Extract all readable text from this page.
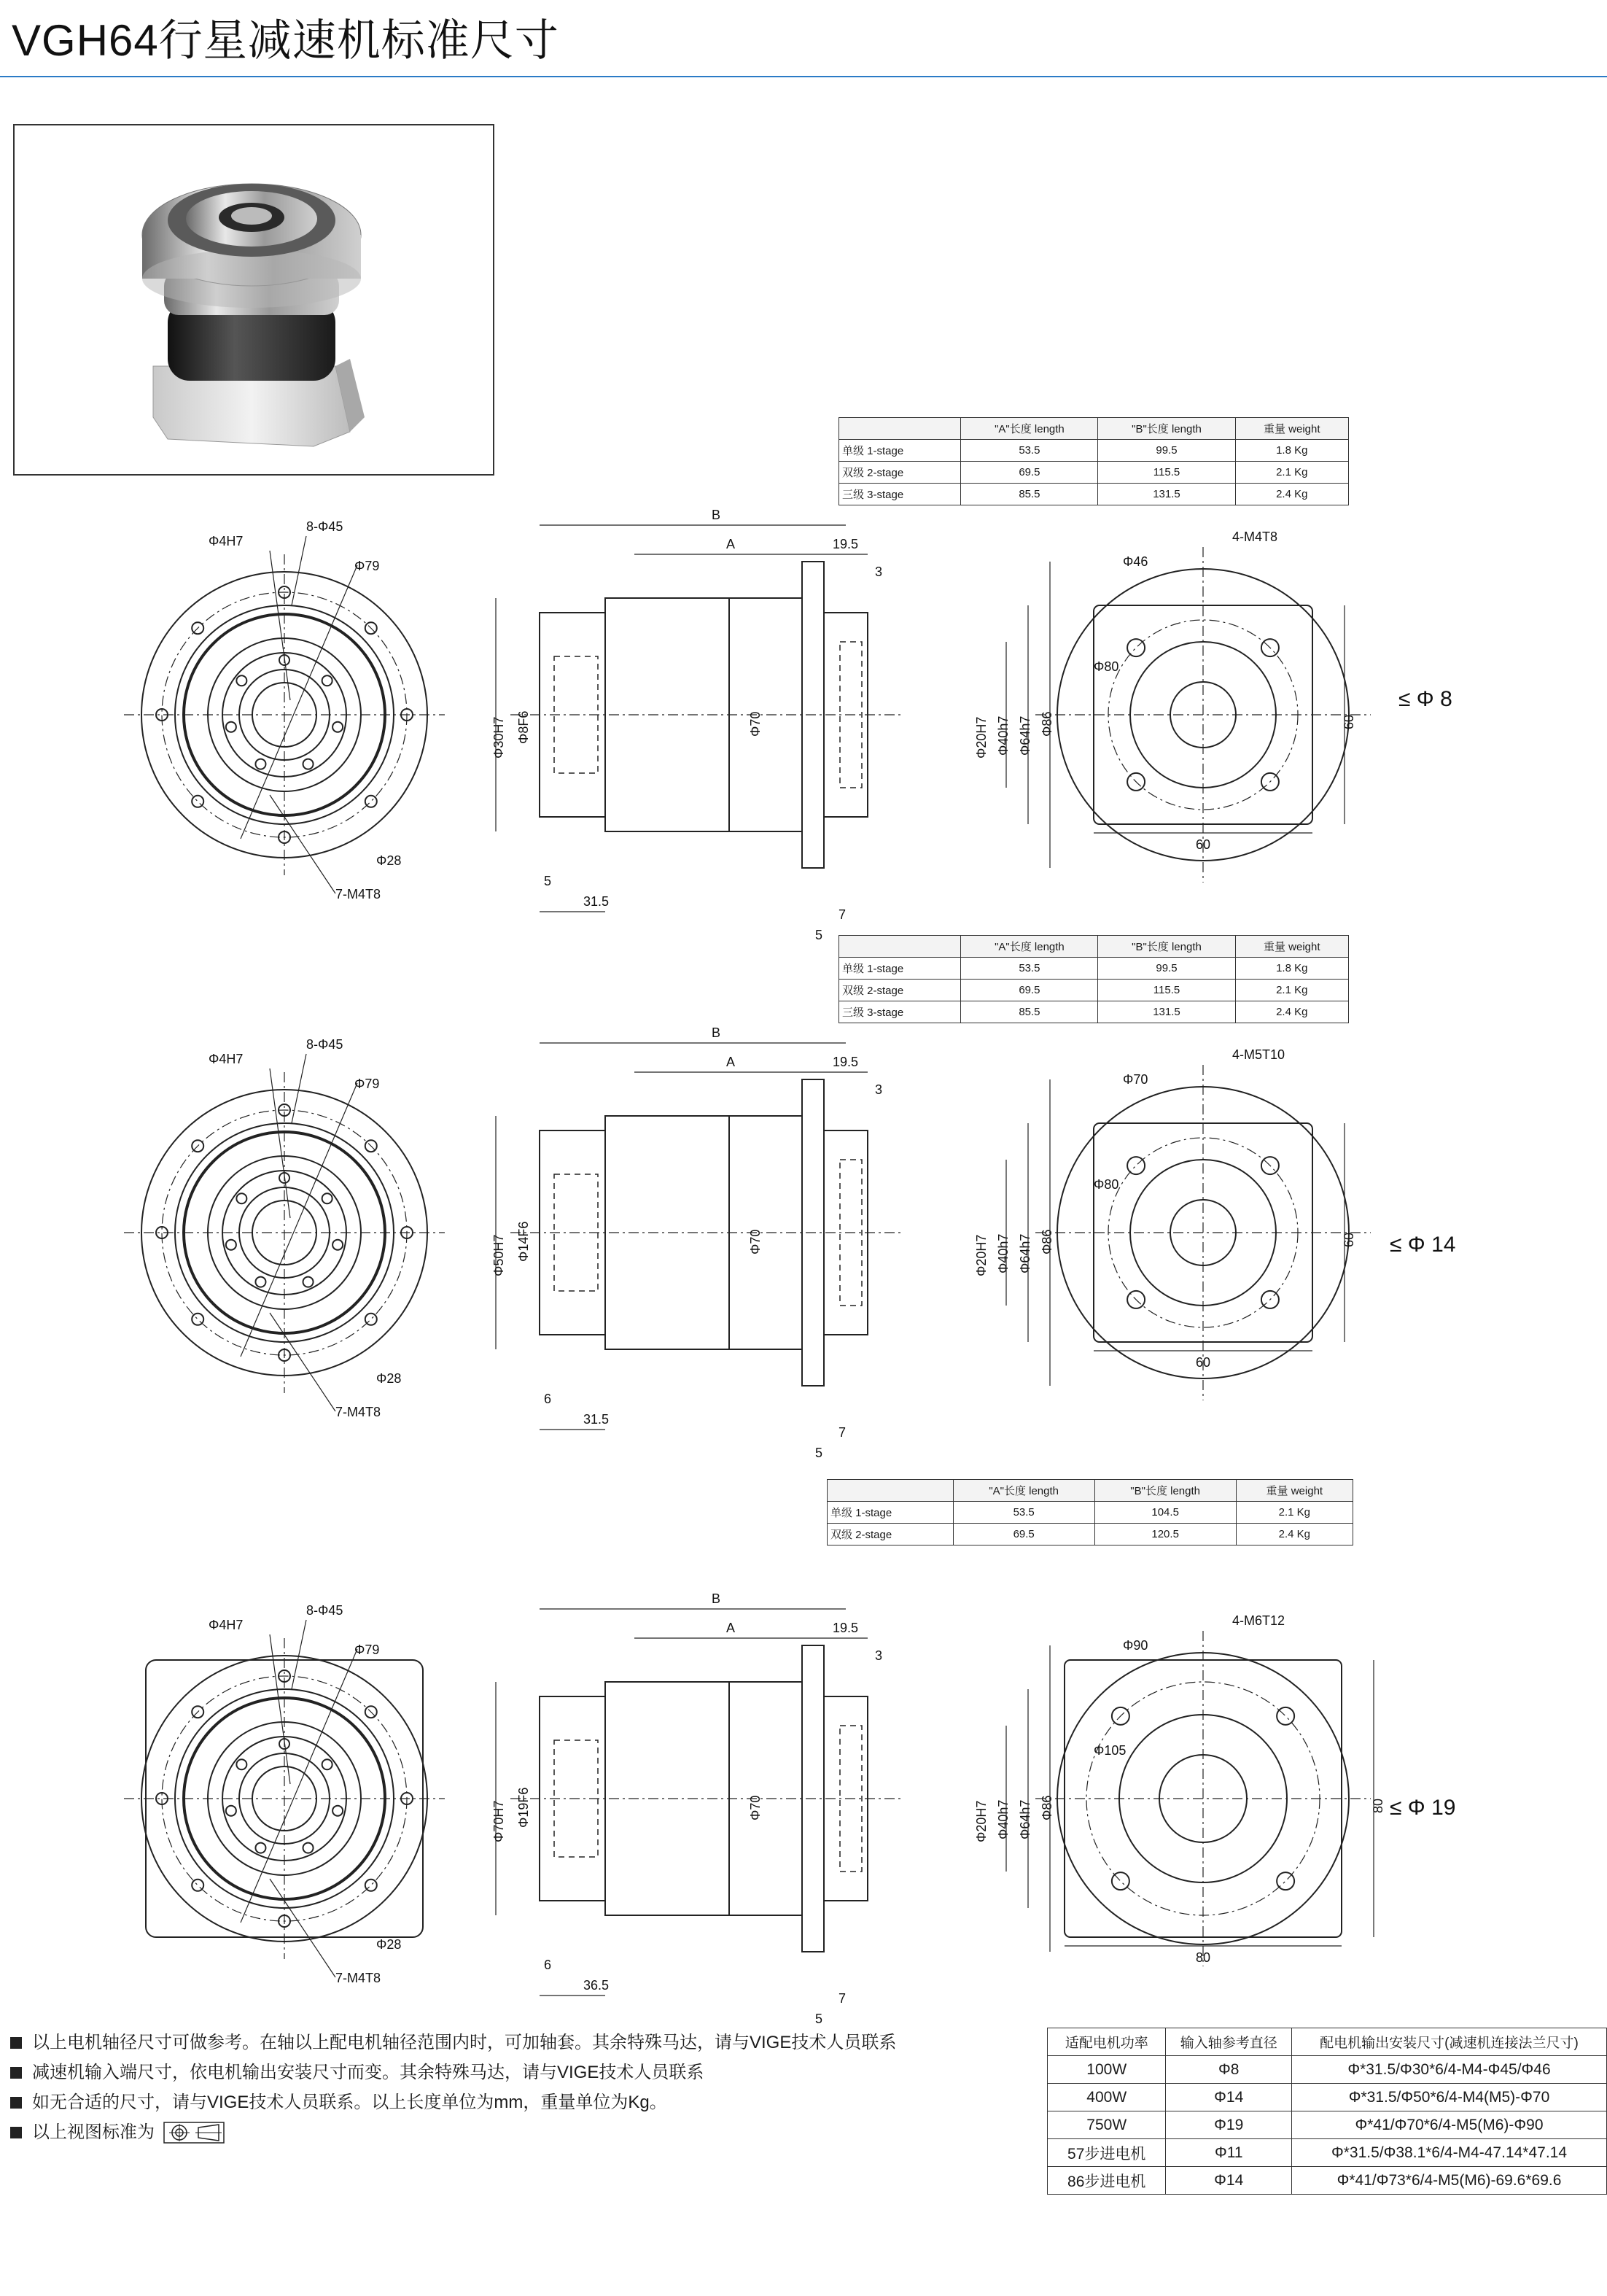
VGH64行星减速机标准尺寸
	"A"长度 length	"B"长度 length	重量 weight
单级 1-stage	53.5	99.5	1.8 Kg
双级 2-stage	69.5	115.5	2.1 Kg
三级 3-stage	85.5	131.5	2.4 Kg
	"A"长度 length	"B"长度 length	重量 weight
单级 1-stage	53.5	99.5	1.8 Kg
双级 2-stage	69.5	115.5	2.1 Kg
三级 3-stage	85.5	131.5	2.4 Kg
	"A"长度 length	"B"长度 length	重量 weight
单级 1-stage	53.5	104.5	2.1 Kg
双级 2-stage	69.5	120.5	2.4 Kg
Φ4H7
8-Φ45
Φ79
Φ28
7-M4T8
B
A	19.5
3
Φ30H7 Φ8F6	Φ70	Φ20H7 Φ40h7 Φ64h7 Φ86
5
31.5
7
5
Φ46
4-M4T8
Φ80
60
60
Φ4H7
8-Φ45
Φ79
Φ28
7-M4T8
B
A	19.5
3
Φ50H7 Φ14F6	Φ70	Φ20H7 Φ40h7 Φ64h7 Φ86
6
31.5
7
5
Φ70
4-M5T10
Φ80
60
60
Φ4H7
8-Φ45
Φ79
Φ28
7-M4T8
B
A	19.5
3
Φ70H7 Φ19F6	Φ70	Φ20H7 Φ40h7 Φ64h7 Φ86
6
36.5
7
5
Φ90
4-M6T12
Φ105
80
80
≤ Φ 8
≤ Φ 14
≤ Φ 19
以上电机轴径尺寸可做参考。在轴以上配电机轴径范围内时，可加轴套。其余特殊马达，请与VIGE技术人员联系
减速机输入端尺寸，依电机输出安装尺寸而变。其余特殊马达，请与VIGE技术人员联系
如无合适的尺寸，请与VIGE技术人员联系。以上长度单位为mm，重量单位为Kg。
以上视图标准为
适配电机功率	输入轴参考直径	配电机输出安装尺寸(减速机连接法兰尺寸)
100W	Φ8	Φ*31.5/Φ30*6/4-M4-Φ45/Φ46
400W	Φ14	Φ*31.5/Φ50*6/4-M4(M5)-Φ70
750W	Φ19	Φ*41/Φ70*6/4-M5(M6)-Φ90
57步进电机	Φ11	Φ*31.5/Φ38.1*6/4-M4-47.14*47.14
86步进电机	Φ14	Φ*41/Φ73*6/4-M5(M6)-69.6*69.6
